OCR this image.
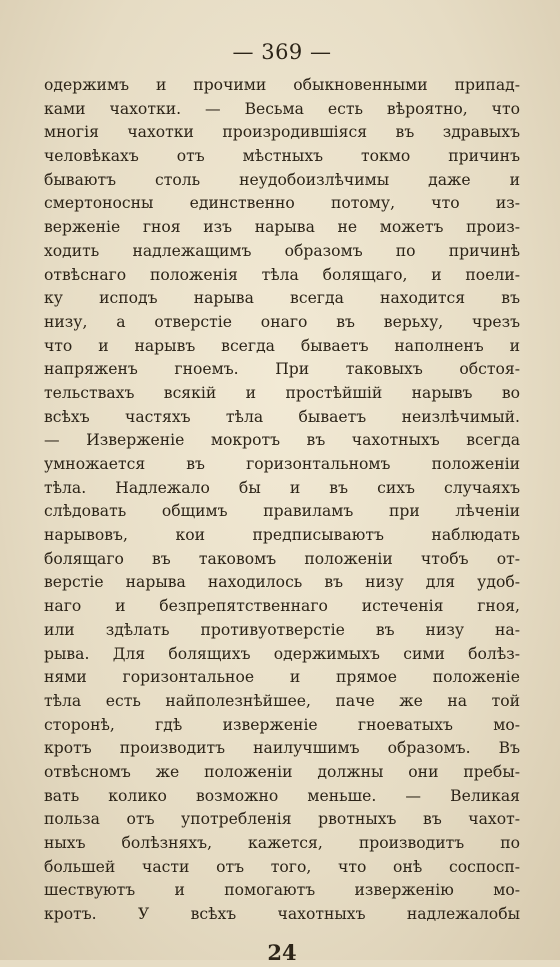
— 369 —
одержимъ и прочими обыкновенными припад-
ками чахотки. — Весьма есть вѣроятно, что
многія чахотки произродившіяся въ здравыхъ
человѣкахъ отъ мѣстныхъ токмо причинъ
бываютъ столь неудобоизлѣчимы даже и
смертоносны единственно потому, что из-
верженіе гноя изъ нарыва не можетъ произ-
ходить надлежащимъ образомъ по причинѣ
отвѣснаго положенія тѣла болящаго, и поели-
ку исподъ нарыва всегда находится въ
низу, а отверстіе онаго въ верьху, чрезъ
что и нарывъ всегда бываетъ наполненъ и
напряженъ гноемъ. При таковыхъ обстоя-
тельствахъ всякій и простѣйшій нарывъ во
всѣхъ частяхъ тѣла бываетъ неизлѣчимый.
— Изверженіе мокротъ въ чахотныхъ всегда
умножается въ горизонтальномъ положеніи
тѣла. Надлежало бы и въ сихъ случаяхъ
слѣдовать общимъ правиламъ при лѣченіи
нарывовъ, кои предписываютъ наблюдать
болящаго въ таковомъ положеніи чтобъ от-
верстіе нарыва находилось въ низу для удоб-
наго и безпрепятственнаго истеченія гноя,
или здѣлать противуотверстіе въ низу на-
рыва. Для болящихъ одержимыхъ сими болѣз-
нями горизонтальное и прямое положеніе
тѣла есть найполезнѣйшее, паче же на той
сторонѣ, гдѣ изверженіе гноеватыхъ мо-
кротъ производитъ наилучшимъ образомъ. Въ
отвѣсномъ же положеніи должны они пребы-
вать колико возможно меньше. — Великая
польза отъ употребленія рвотныхъ въ чахот-
ныхъ болѣзняхъ, кажется, производитъ по
большей части отъ того, что онѣ соспосп-
шествуютъ и помогаютъ изверженію мо-
кротъ. У всѣхъ чахотныхъ надлежалобы
24
